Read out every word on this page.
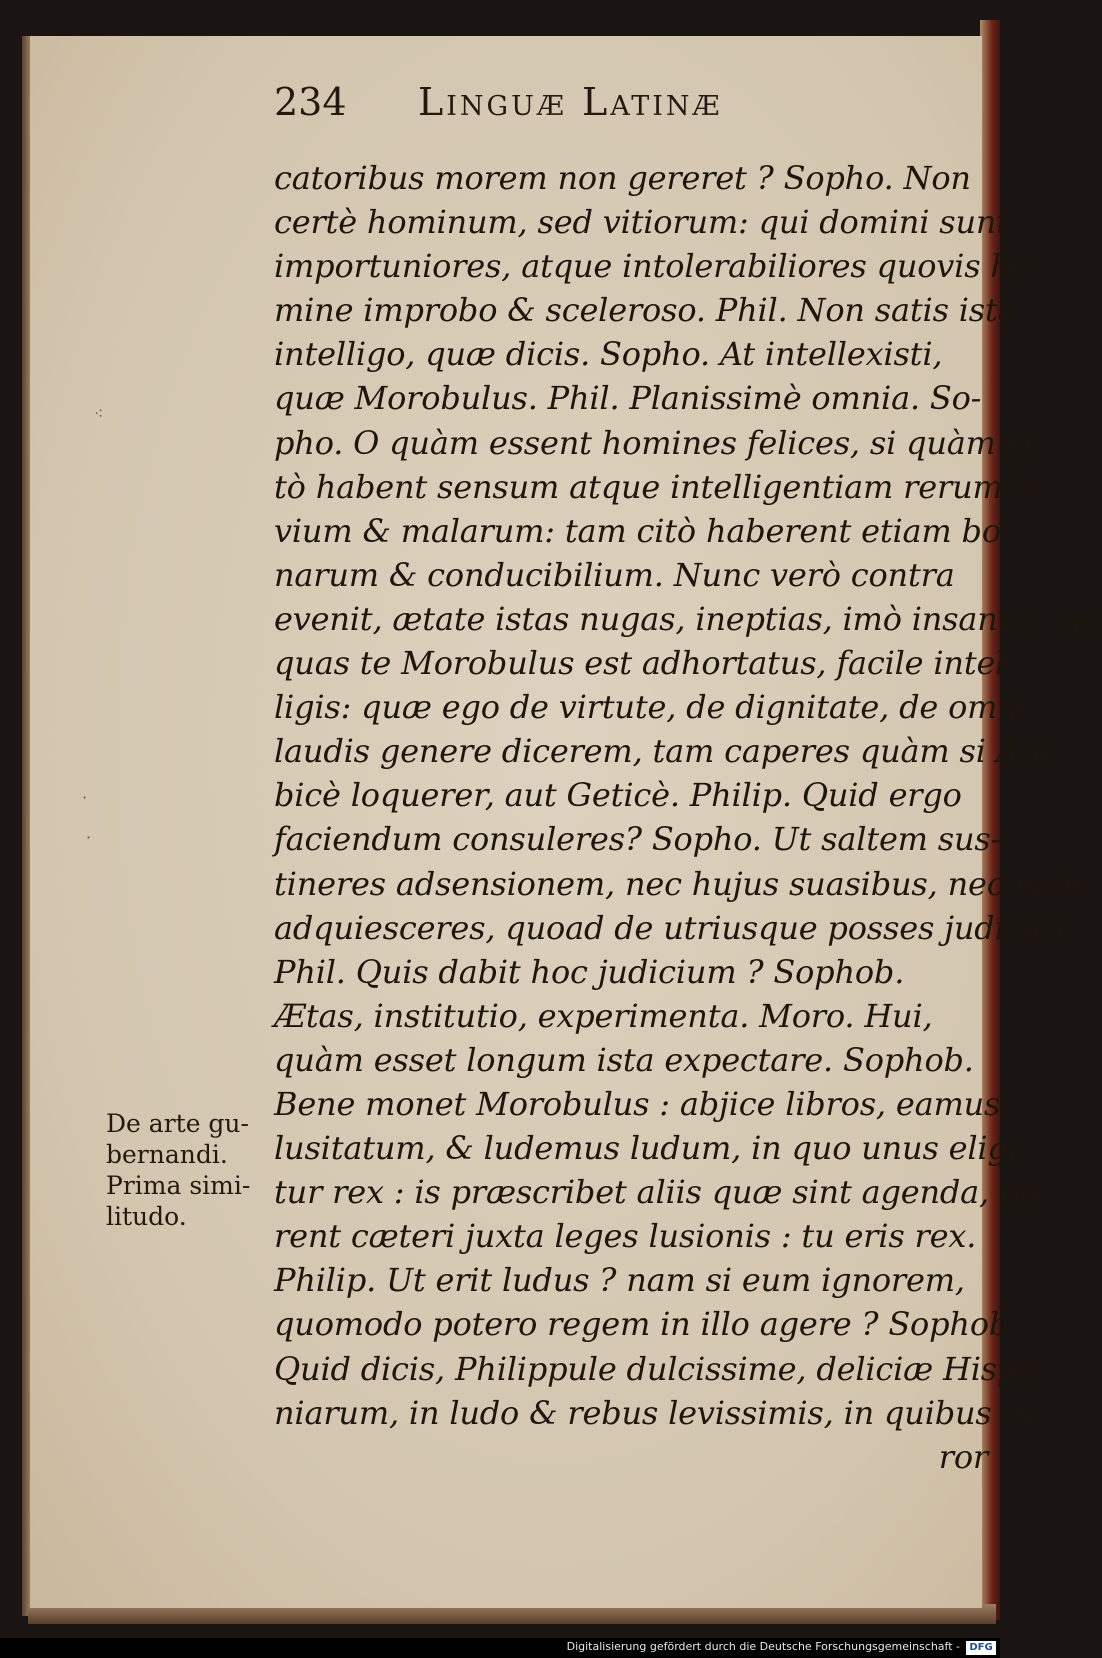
234 Linguæ Latinæ
catoribus morem non gereret ? Sopho. Non
certè hominum, sed vitiorum: qui domini sunt
importuniores, atque intolerabiliores quovis ho-
mine improbo & sceleroso. Phil. Non satis ista
intelligo, quæ dicis. Sopho. At intellexisti,
quæ Morobulus. Phil. Planissimè omnia. So-
pho. O quàm essent homines felices, si quàm ci-
tò habent sensum atque intelligentiam rerum le-
vium & malarum: tam citò haberent etiam bo-
narum & conducibilium. Nunc verò contra
evenit, ætate istas nugas, ineptias, imò insanias, ad
quas te Morobulus est adhortatus, facile intel-
ligis: quæ ego de virtute, de dignitate, de omni
laudis genere dicerem, tam caperes quàm si Ara-
bicè loquerer, aut Geticè. Philip. Quid ergo
faciendum consuleres? Sopho. Ut saltem sus-
tineres adsensionem, nec hujus suasibus, nec meis
adquiesceres, quoad de utriusque posses judicare.
Phil. Quis dabit hoc judicium ? Sophob.
Ætas, institutio, experimenta. Moro. Hui,
quàm esset longum ista expectare. Sophob.
Bene monet Morobulus : abjice libros, eamus
lusitatum, & ludemus ludum, in quo unus eligi-
tur rex : is præscribet aliis quæ sint agenda, pa-
rent cæteri juxta leges lusionis : tu eris rex.
Philip. Ut erit ludus ? nam si eum ignorem,
quomodo potero regem in illo agere ? Sophob.
Quid dicis, Philippule dulcissime, deliciæ Hispa-
niarum, in ludo & rebus levissimis, in quibus er-
ror
De arte gu-
bernandi.
Prima simi-
litudo.
⁖
·
·
Digitalisierung gefördert durch die Deutsche Forschungsgemeinschaft - DFG
